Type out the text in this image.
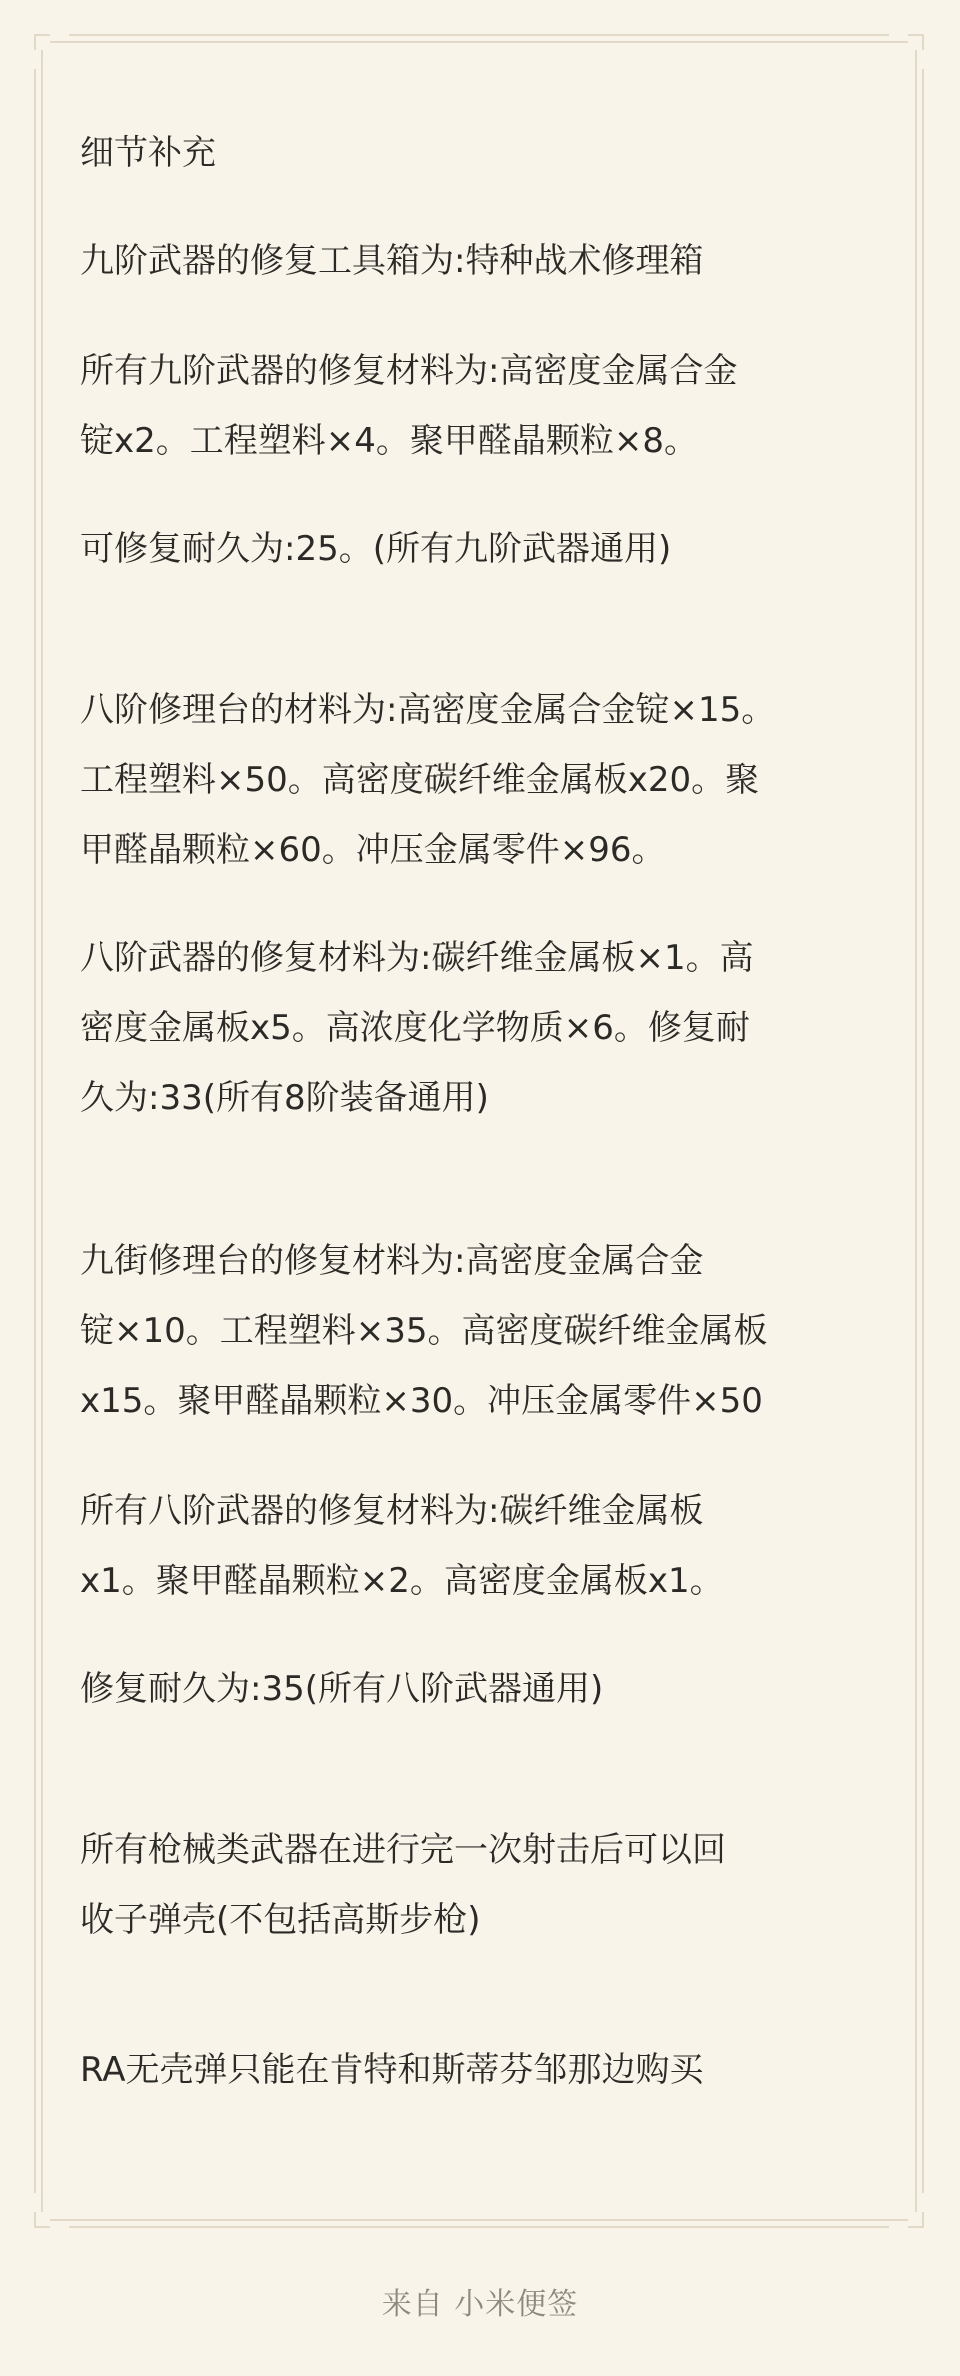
细节补充
九阶武器的修复工具箱为:特种战术修理箱
所有九阶武器的修复材料为:高密度金属合金
锭x2。工程塑料×4。聚甲醛晶颗粒×8。
可修复耐久为:25。(所有九阶武器通用)
八阶修理台的材料为:高密度金属合金锭×15。
工程塑料×50。高密度碳纤维金属板x20。聚
甲醛晶颗粒×60。冲压金属零件×96。
八阶武器的修复材料为:碳纤维金属板×1。高
密度金属板x5。高浓度化学物质×6。修复耐
久为:33(所有8阶装备通用)
九街修理台的修复材料为:高密度金属合金
锭×10。工程塑料×35。高密度碳纤维金属板
x15。聚甲醛晶颗粒×30。冲压金属零件×50
所有八阶武器的修复材料为:碳纤维金属板
x1。聚甲醛晶颗粒×2。高密度金属板x1。
修复耐久为:35(所有八阶武器通用)
所有枪械类武器在进行完一次射击后可以回
收子弹壳(不包括高斯步枪)
RA无壳弹只能在肯特和斯蒂芬邹那边购买
来自 小米便签
